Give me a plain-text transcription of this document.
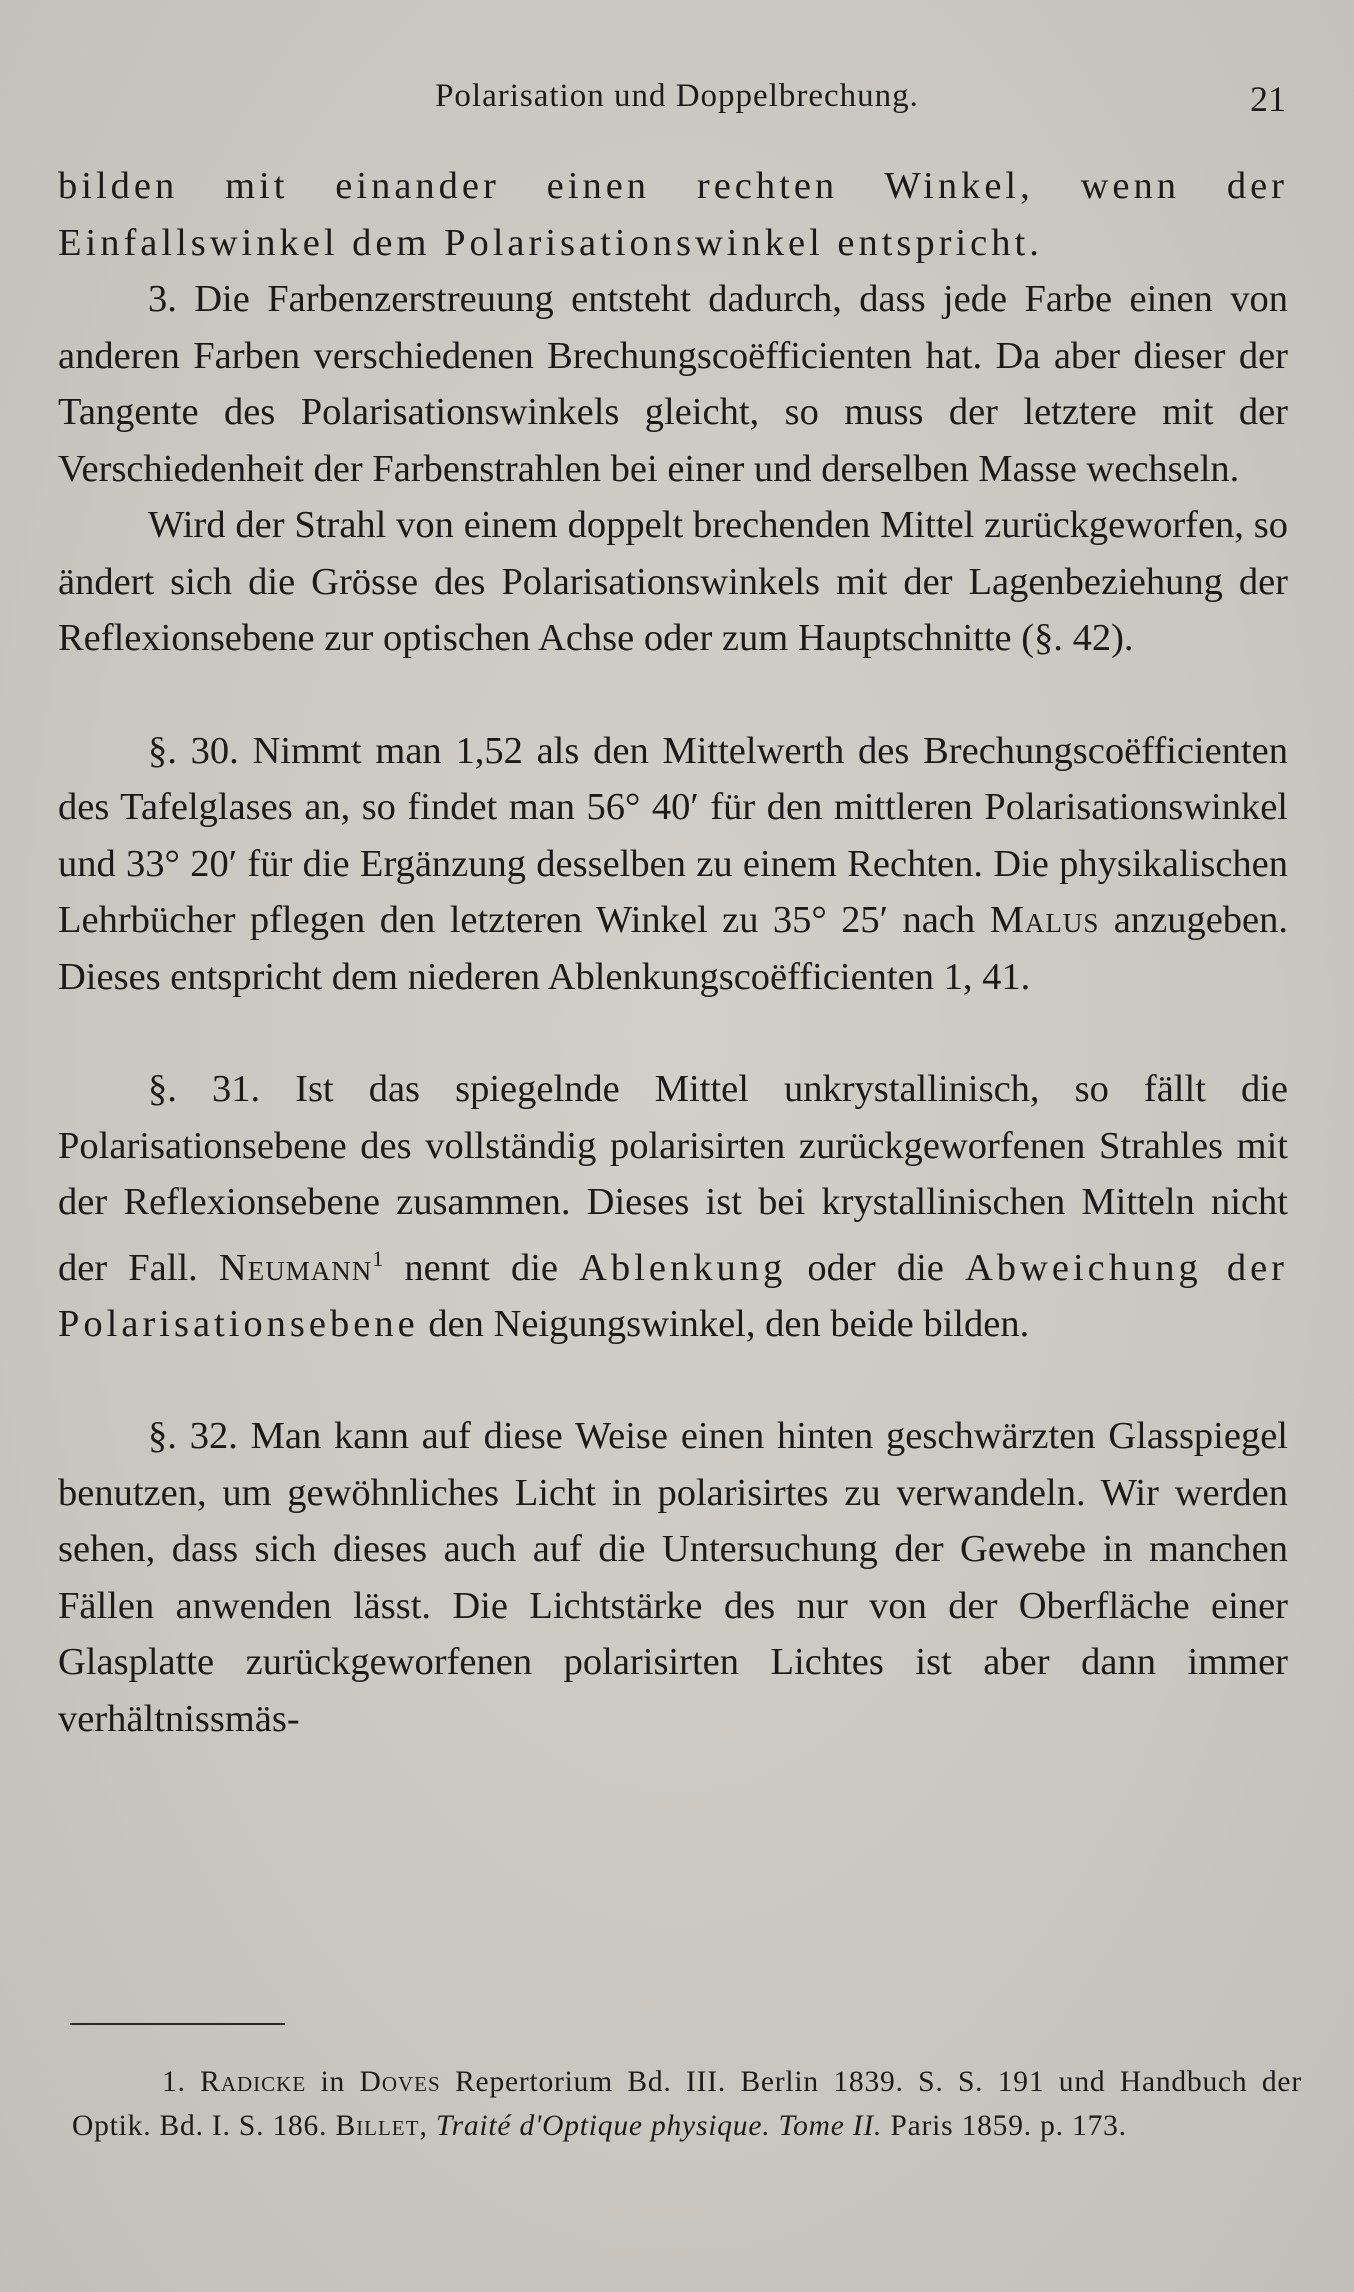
Polarisation und Doppelbrechung.	21

bilden mit einander einen rechten Winkel, wenn der Einfallswinkel dem Polarisationswinkel entspricht.

3. Die Farbenzerstreuung entsteht dadurch, dass jede Farbe einen von anderen Farben verschiedenen Brechungscoëfficienten hat. Da aber dieser der Tangente des Polarisationswinkels gleicht, so muss der letztere mit der Verschiedenheit der Farbenstrahlen bei einer und derselben Masse wechseln.

Wird der Strahl von einem doppelt brechenden Mittel zurückgeworfen, so ändert sich die Grösse des Polarisationswinkels mit der Lagenbeziehung der Reflexionsebene zur optischen Achse oder zum Hauptschnitte (§. 42).

§. 30. Nimmt man 1,52 als den Mittelwerth des Brechungscoëfficienten des Tafelglases an, so findet man 56° 40′ für den mittleren Polarisationswinkel und 33° 20′ für die Ergänzung desselben zu einem Rechten. Die physikalischen Lehrbücher pflegen den letzteren Winkel zu 35° 25′ nach Malus anzugeben. Dieses entspricht dem niederen Ablenkungscoëfficienten 1, 41.

§. 31. Ist das spiegelnde Mittel unkrystallinisch, so fällt die Polarisationsebene des vollständig polarisirten zurückgeworfenen Strahles mit der Reflexionsebene zusammen. Dieses ist bei krystallinischen Mitteln nicht der Fall. Neumann$^1$ nennt die Ablenkung oder die Abweichung der Polarisationsebene den Neigungswinkel, den beide bilden.

§. 32. Man kann auf diese Weise einen hinten geschwärzten Glasspiegel benutzen, um gewöhnliches Licht in polarisirtes zu verwandeln. Wir werden sehen, dass sich dieses auch auf die Untersuchung der Gewebe in manchen Fällen anwenden lässt. Die Lichtstärke des nur von der Oberfläche einer Glasplatte zurückgeworfenen polarisirten Lichtes ist aber dann immer verhältnissmäs-

1. Radicke in Doves Repertorium Bd. III. Berlin 1839. S. S. 191 und Handbuch der Optik. Bd. I. S. 186. Billet, Traité d'Optique physique. Tome II. Paris 1859. p. 173.
